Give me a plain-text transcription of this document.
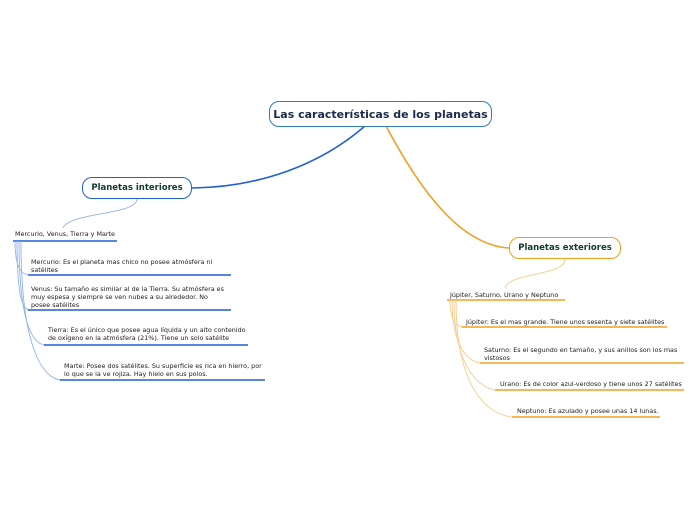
Las características de los planetas
Planetas interiores
Planetas exteriores
Mercurio, Venus, Tierra y Marte
Mercurio: Es el planeta mas chico no posee atmósfera ni satélites
Venus: Su tamaño es similar al de la Tierra. Su atmósfera es muy espesa y siempre se ven nubes a su alrededor. No posee satélites
Tierra: Es el único que posee agua líquida y un alto contenido de oxígeno en la atmósfera (21%). Tiene un solo satélite
Marte: Posee dos satélites. Su superficie es rica en hierro, por lo que se la ve rojiza. Hay hielo en sus polos.
Júpiter, Saturno, Urano y Neptuno
Júpiter: Es el mas grande. Tiene unos sesenta y siete satélites
Saturno: Es el segundo en tamaño, y sus anillos son los mas vistosos
Urano: Es de color azul-verdoso y tiene unos 27 satélites
Neptuno: Es azulado y posee unas 14 lunas.
